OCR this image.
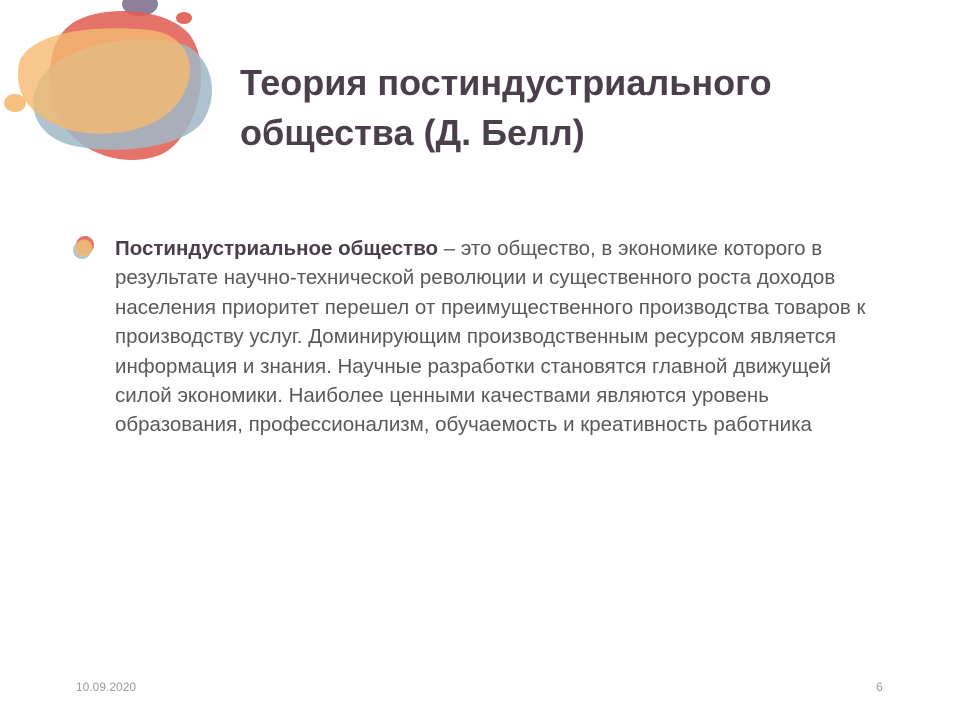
Теория постиндустриального общества (Д. Белл)

Постиндустриальное общество – это общество, в экономике которого в результате научно-технической революции и существенного роста доходов населения приоритет перешел от преимущественного производства товаров к производству услуг. Доминирующим производственным ресурсом является информация и знания. Научные разработки становятся главной движущей силой экономики. Наиболее ценными качествами являются уровень образования, профессионализм, обучаемость и креативность работника

10.09.2020	6
